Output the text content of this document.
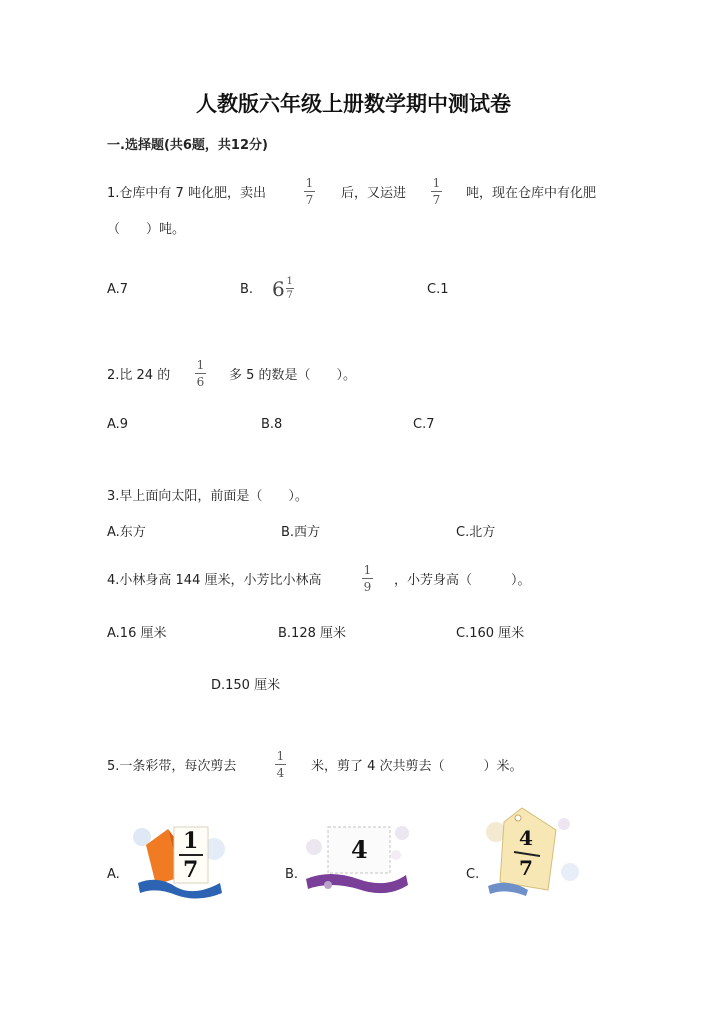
人教版六年级上册数学期中测试卷
一.选择题(共6题，共12分)
1.仓库中有 7 吨化肥，卖出
1
7 后，又运进
1
7 吨，现在仓库中有化肥
（　　）吨。
A.7	B. $6 \frac{1}{7}$	C.1
2.比 24 的
1
6 多 5 的数是（　　）。
A.9	B.8	C.7
3.早上面向太阳，前面是（　　）。
A.东方	B.西方	C.北方
4.小林身高 144 厘米，小芳比小林高
1
9 ，小芳身高（　　　）。
A.16 厘米	B.128 厘米	C.160 厘米
D.150 厘米
5.一条彩带，每次剪去
1
4 米，剪了 4 次共剪去（　　　）米。
A.
1
7	B.
4
C.
4
7
